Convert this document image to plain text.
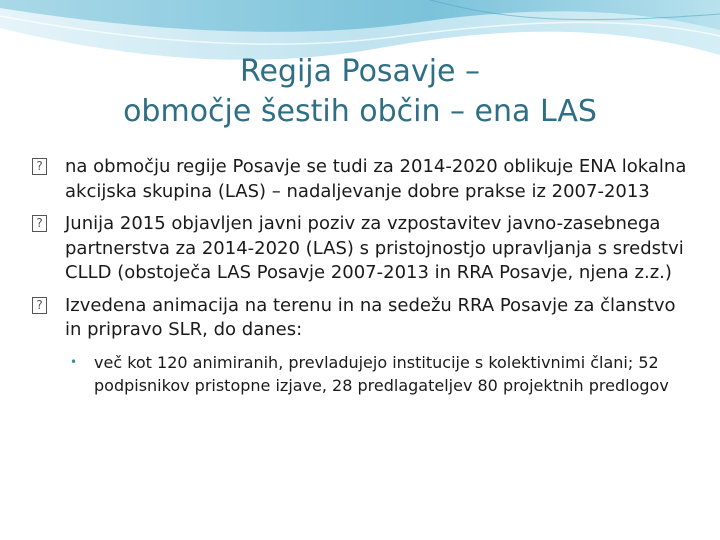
Regija Posavje –
območje šestih občin – ena LAS
? na območju regije Posavje se tudi za 2014-2020 oblikuje ENA lokalna akcijska skupina (LAS) – nadaljevanje dobre prakse iz 2007-2013
? Junija 2015 objavljen javni poziv za vzpostavitev javno-zasebnega partnerstva za 2014-2020 (LAS) s pristojnostjo upravljanja s sredstvi CLLD (obstoječa LAS Posavje 2007-2013 in RRA Posavje, njena z.z.)
? Izvedena animacija na terenu in na sedežu RRA Posavje za članstvo in pripravo SLR, do danes:
• več kot 120 animiranih, prevladujejo institucije s kolektivnimi člani; 52 podpisnikov pristopne izjave, 28 predlagateljev 80 projektnih predlogov
